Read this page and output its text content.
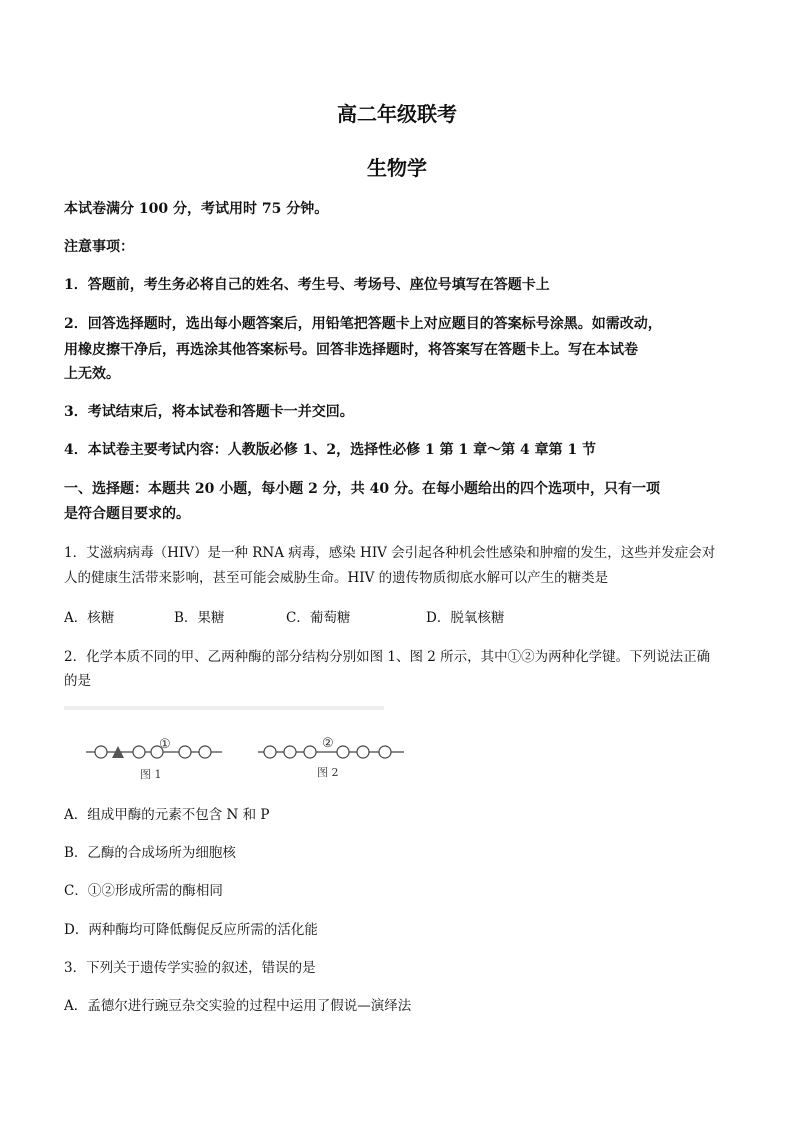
高二年级联考
生物学
本试卷满分 100 分，考试用时 75 分钟。
注意事项：
1．答题前，考生务必将自己的姓名、考生号、考场号、座位号填写在答题卡上
2．回答选择题时，选出每小题答案后，用铅笔把答题卡上对应题目的答案标号涂黑。如需改动，
用橡皮擦干净后，再选涂其他答案标号。回答非选择题时，将答案写在答题卡上。写在本试卷
上无效。
3．考试结束后，将本试卷和答题卡一并交回。
4．本试卷主要考试内容：人教版必修 1、2，选择性必修 1 第 1 章～第 4 章第 1 节
一、选择题：本题共 20 小题，每小题 2 分，共 40 分。在每小题给出的四个选项中，只有一项
是符合题目要求的。
1．艾滋病病毒（HIV）是一种 RNA 病毒，感染 HIV 会引起各种机会性感染和肿瘤的发生，这些并发症会对
人的健康生活带来影响，甚至可能会威胁生命。HIV 的遗传物质彻底水解可以产生的糖类是
A．核糖	B．果糖	C．葡萄糖	D．脱氧核糖
2．化学本质不同的甲、乙两种酶的部分结构分别如图 1、图 2 所示，其中①②为两种化学键。下列说法正确
的是
①
图 1
②
图 2
A．组成甲酶的元素不包含 N 和 P
B．乙酶的合成场所为细胞核
C．①②形成所需的酶相同
D．两种酶均可降低酶促反应所需的活化能
3．下列关于遗传学实验的叙述，错误的是
A．孟德尔进行豌豆杂交实验的过程中运用了假说—演绎法
